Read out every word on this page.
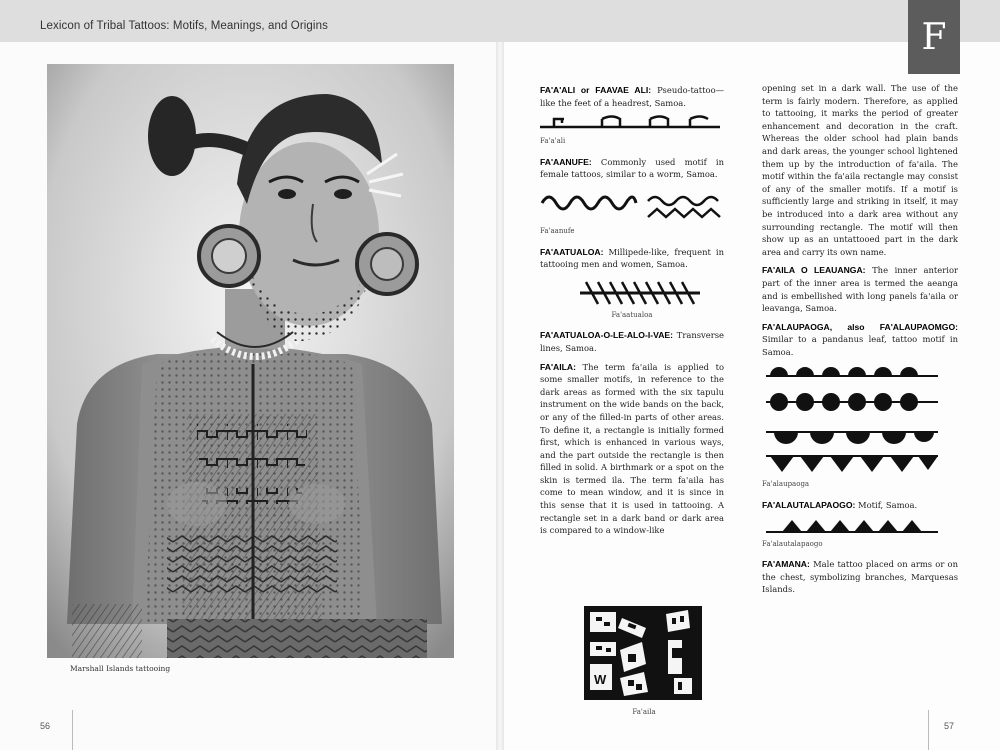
Lexicon of Tribal Tattoos: Motifs, Meanings, and Origins	F
Marshall Islands tattooing
FA'A'ALI or FAAVAE ALI: Pseudo-tattoo—like the feet of a headrest, Samoa.
Fa'a'ali
FA'AANUFE: Commonly used motif in female tattoos, similar to a worm, Samoa.
Fa'aanufe
FA'AATUALOA: Millipede-like, frequent in tattooing men and women, Samoa.
Fa'aatualoa
FA'AATUALOA-O-LE-ALO-I-VAE: Transverse lines, Samoa.
FA'AILA: The term fa'aila is applied to some smaller motifs, in reference to the dark areas as formed with the six tapulu instrument on the wide bands on the back, or any of the filled-in parts of other areas. To define it, a rectangle is initially formed first, which is enhanced in various ways, and the part outside the rectangle is then filled in solid. A birthmark or a spot on the skin is termed ila. The term fa'aila has come to mean window, and it is since in this sense that it is used in tattooing. A rectangle set in a dark band or dark area is compared to a window-like
W
Fa'aila
opening set in a dark wall. The use of the term is fairly modern. Therefore, as applied to tattooing, it marks the period of greater enhancement and decoration in the craft. Whereas the older school had plain bands and dark areas, the younger school lightened them up by the introduction of fa'aila. The motif within the fa'aila rectangle may consist of any of the smaller motifs. If a motif is sufficiently large and striking in itself, it may be introduced into a dark area without any surrounding rectangle. The motif will then show up as an untattooed part in the dark area and carry its own name.
FA'AILA O LEAUANGA: The inner anterior part of the inner area is termed the aeanga and is embellished with long panels fa'aila or leavanga, Samoa.
FA'ALAUPAOGA, also FA'ALAUPAOMGO: Similar to a pandanus leaf, tattoo motif in Samoa.
Fa'alaupaoga
FA'ALAUTALAPAOGO: Motif, Samoa.
Fa'alautalapaogo
FA'AMANA: Male tattoo placed on arms or on the chest, symbolizing branches, Marquesas Islands.
56	57
